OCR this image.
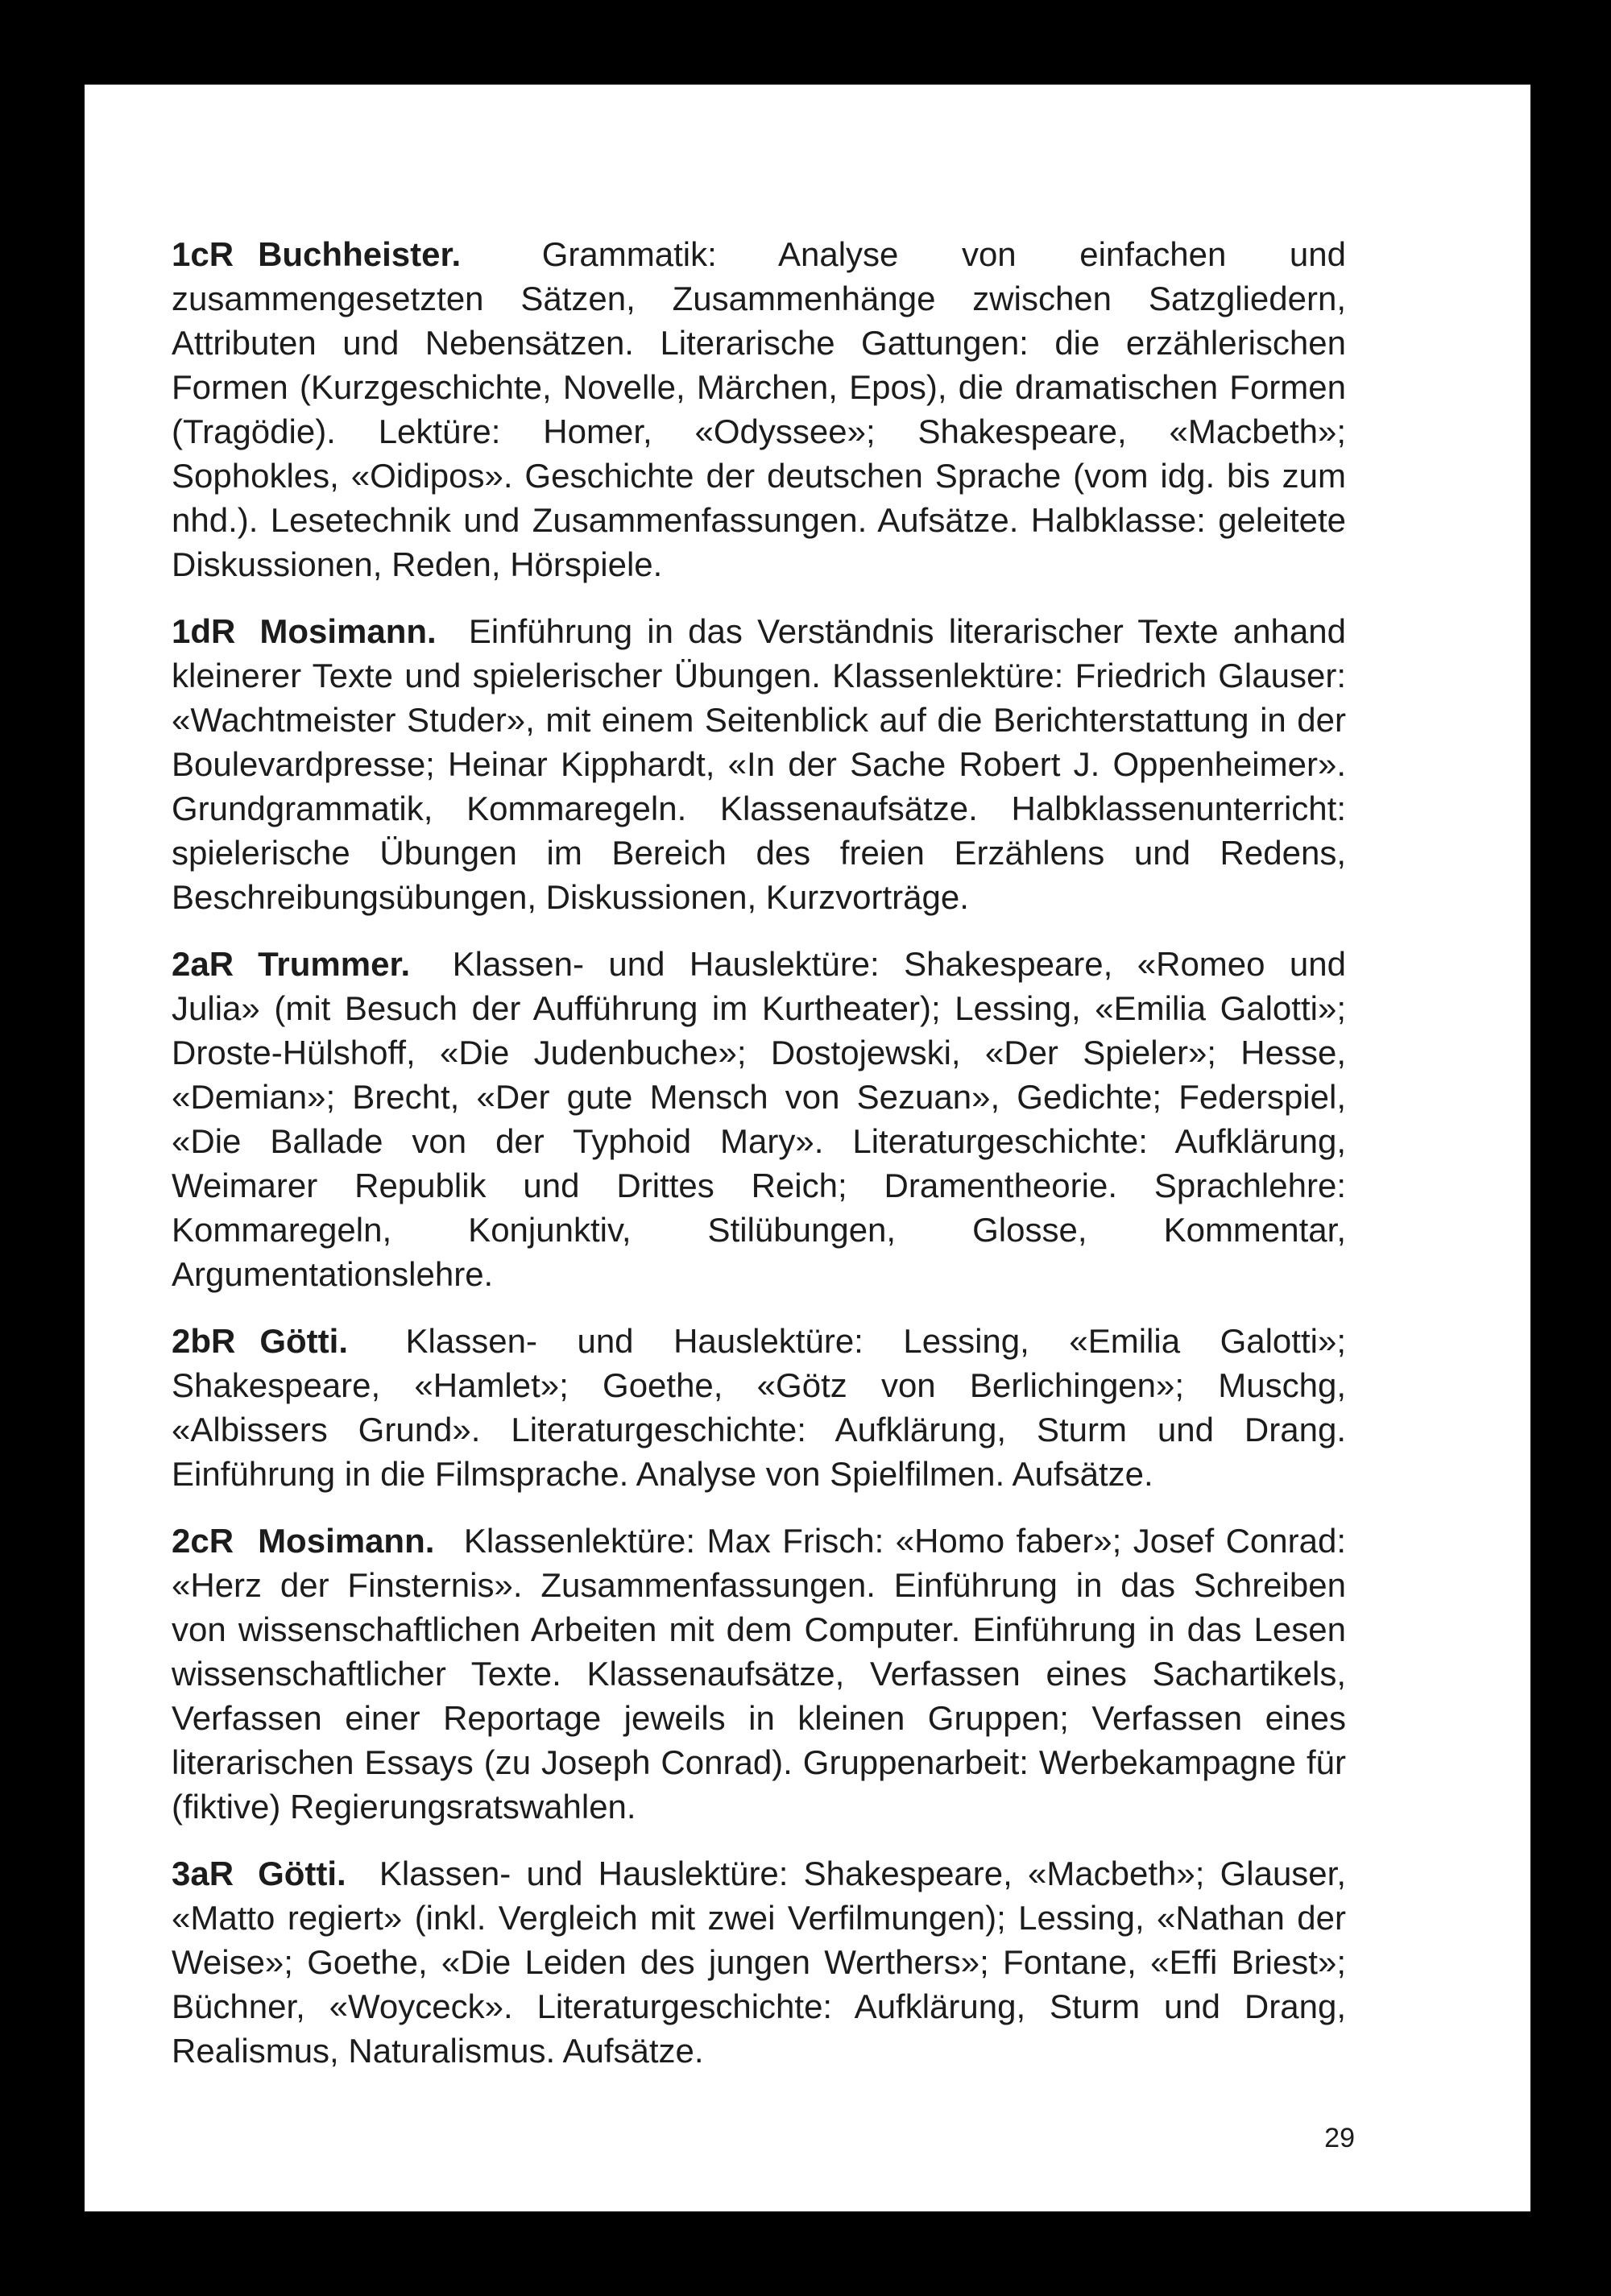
1cR Buchheister. Grammatik: Analyse von einfachen und zusammengesetzten Sätzen, Zusammenhänge zwischen Satzgliedern, Attributen und Nebensätzen. Literarische Gattungen: die erzählerischen Formen (Kurzgeschichte, Novelle, Märchen, Epos), die dramatischen Formen (Tragödie). Lektüre: Homer, «Odyssee»; Shakespeare, «Macbeth»; Sophokles, «Oidipos». Geschichte der deutschen Sprache (vom idg. bis zum nhd.). Lesetechnik und Zusammenfassungen. Aufsätze. Halbklasse: geleitete Diskussionen, Reden, Hörspiele.

1dR Mosimann. Einführung in das Verständnis literarischer Texte anhand kleinerer Texte und spielerischer Übungen. Klassenlektüre: Friedrich Glauser: «Wachtmeister Studer», mit einem Seitenblick auf die Berichterstattung in der Boulevardpresse; Heinar Kipphardt, «In der Sache Robert J. Oppenheimer». Grundgrammatik, Kommaregeln. Klassenaufsätze. Halbklassenunterricht: spielerische Übungen im Bereich des freien Erzählens und Redens, Beschreibungsübungen, Diskussionen, Kurzvorträge.

2aR Trummer. Klassen- und Hauslektüre: Shakespeare, «Romeo und Julia» (mit Besuch der Aufführung im Kurtheater); Lessing, «Emilia Galotti»; Droste-Hülshoff, «Die Judenbuche»; Dostojewski, «Der Spieler»; Hesse, «Demian»; Brecht, «Der gute Mensch von Sezuan», Gedichte; Federspiel, «Die Ballade von der Typhoid Mary». Literaturgeschichte: Aufklärung, Weimarer Republik und Drittes Reich; Dramentheorie. Sprachlehre: Kommaregeln, Konjunktiv, Stilübungen, Glosse, Kommentar, Argumentationslehre.

2bR Götti. Klassen- und Hauslektüre: Lessing, «Emilia Galotti»; Shakespeare, «Hamlet»; Goethe, «Götz von Berlichingen»; Muschg, «Albissers Grund». Literaturgeschichte: Aufklärung, Sturm und Drang. Einführung in die Filmsprache. Analyse von Spielfilmen. Aufsätze.

2cR Mosimann. Klassenlektüre: Max Frisch: «Homo faber»; Josef Conrad: «Herz der Finsternis». Zusammenfassungen. Einführung in das Schreiben von wissenschaftlichen Arbeiten mit dem Computer. Einführung in das Lesen wissenschaftlicher Texte. Klassenaufsätze, Verfassen eines Sachartikels, Verfassen einer Reportage jeweils in kleinen Gruppen; Verfassen eines literarischen Essays (zu Joseph Conrad). Gruppenarbeit: Werbekampagne für (fiktive) Regierungsratswahlen.

3aR Götti. Klassen- und Hauslektüre: Shakespeare, «Macbeth»; Glauser, «Matto regiert» (inkl. Vergleich mit zwei Verfilmungen); Lessing, «Nathan der Weise»; Goethe, «Die Leiden des jungen Werthers»; Fontane, «Effi Briest»; Büchner, «Woyceck». Literaturgeschichte: Aufklärung, Sturm und Drang, Realismus, Naturalismus. Aufsätze.

29
